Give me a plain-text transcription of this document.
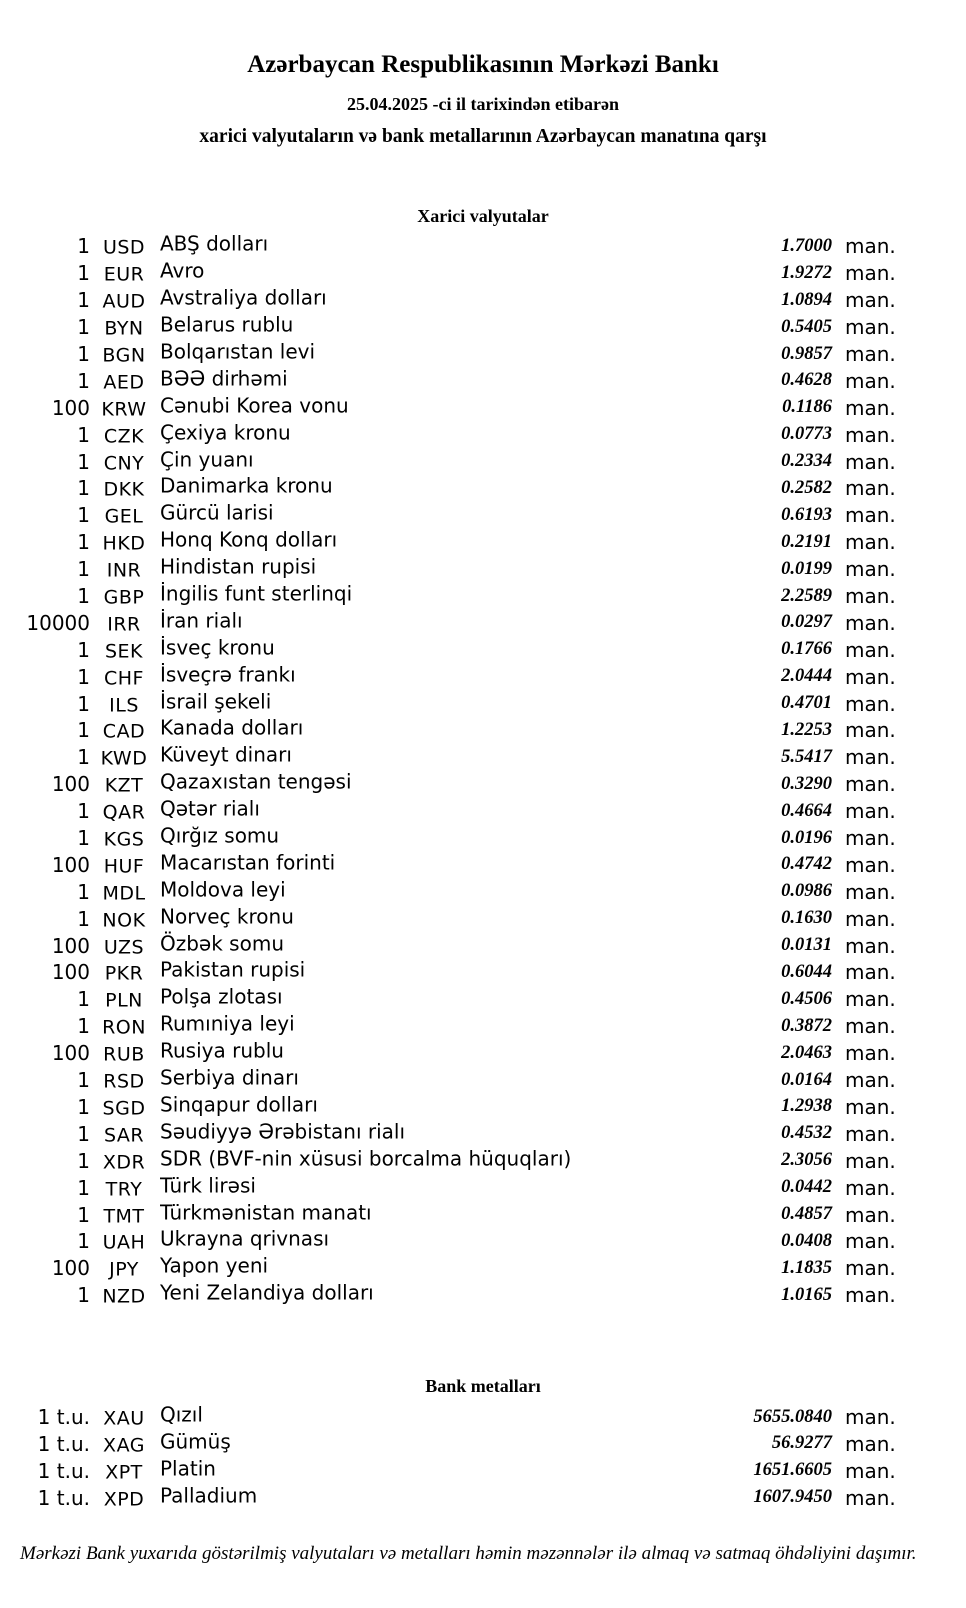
Azərbaycan Respublikasının Mərkəzi Bankı
25.04.2025 -ci il tarixindən etibarən
xarici valyutaların və bank metallarının Azərbaycan manatına qarşı
Xarici valyutalar
1 USD ABŞ dolları	1.7000 man.
1 EUR Avro	1.9272 man.
1 AUD Avstraliya dolları	1.0894 man.
1 BYN Belarus rublu	0.5405 man.
1 BGN Bolqarıstan levi	0.9857 man.
1 AED BƏƏ dirhəmi	0.4628 man.
100 KRW Cənubi Korea vonu	0.1186 man.
1 CZK Çexiya kronu	0.0773 man.
1 CNY Çin yuanı	0.2334 man.
1 DKK Danimarka kronu	0.2582 man.
1 GEL Gürcü larisi	0.6193 man.
1 HKD Honq Konq dolları	0.2191 man.
1 INR Hindistan rupisi	0.0199 man.
1 GBP İngilis funt sterlinqi	2.2589 man.
10000 IRR İran rialı	0.0297 man.
1 SEK İsveç kronu	0.1766 man.
1 CHF İsveçrə frankı	2.0444 man.
1	ILS	İsrail şekeli	0.4701 man.
1 CAD Kanada dolları	1.2253 man.
1 KWD Küveyt dinarı	5.5417 man.
100 KZT Qazaxıstan tengəsi	0.3290 man.
1 QAR Qətər rialı	0.4664 man.
1 KGS Qırğız somu	0.0196 man.
100 HUF Macarıstan forinti	0.4742 man.
1 MDL Moldova leyi	0.0986 man.
1 NOK Norveç kronu	0.1630 man.
100 UZS Özbək somu	0.0131 man.
100 PKR Pakistan rupisi	0.6044 man.
1 PLN Polşa zlotası	0.4506 man.
1 RON Rumıniya leyi	0.3872 man.
100 RUB Rusiya rublu	2.0463 man.
1 RSD Serbiya dinarı	0.0164 man.
1 SGD Sinqapur dolları	1.2938 man.
1 SAR Səudiyyə Ərəbistanı rialı	0.4532 man.
1 XDR SDR (BVF-nin xüsusi borcalma hüquqları)	2.3056 man.
1 TRY Türk lirəsi	0.0442 man.
1 TMT Türkmənistan manatı	0.4857 man.
1 UAH Ukrayna qrivnası	0.0408 man.
100	JPY	Yapon yeni	1.1835 man.
1 NZD Yeni Zelandiya dolları	1.0165 man.
Bank metalları
1 t.u. XAU Qızıl	5655.0840 man.
1 t.u. XAG Gümüş	56.9277 man.
1 t.u. XPT Platin	1651.6605 man.
1 t.u. XPD Palladium	1607.9450 man.
Mərkəzi Bank yuxarıda göstərilmiş valyutaları və metalları həmin məzənnələr ilə almaq və satmaq öhdəliyini daşımır.
